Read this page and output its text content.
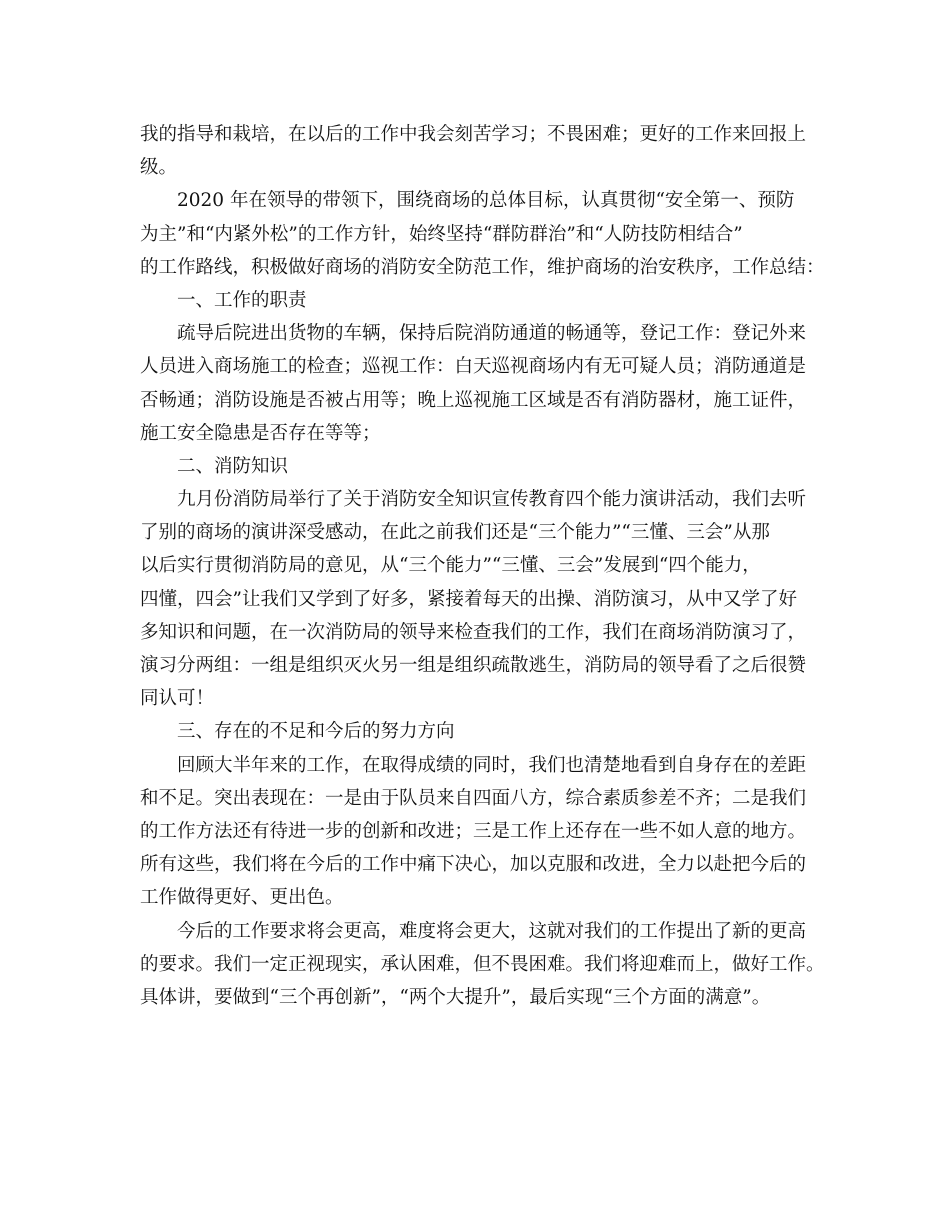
我的指导和栽培，在以后的工作中我会刻苦学习；不畏困难；更好的工作来回报上
级。
2020 年在领导的带领下，围绕商场的总体目标，认真贯彻“安全第一、预防
为主”和“内紧外松”的工作方针，始终坚持“群防群治”和“人防技防相结合”
的工作路线，积极做好商场的消防安全防范工作，维护商场的治安秩序，工作总结：
一、工作的职责
疏导后院进出货物的车辆，保持后院消防通道的畅通等，登记工作：登记外来
人员进入商场施工的检查；巡视工作：白天巡视商场内有无可疑人员；消防通道是
否畅通；消防设施是否被占用等；晚上巡视施工区域是否有消防器材，施工证件，
施工安全隐患是否存在等等；
二、消防知识
九月份消防局举行了关于消防安全知识宣传教育四个能力演讲活动，我们去听
了别的商场的演讲深受感动，在此之前我们还是“三个能力”“三懂、三会”从那
以后实行贯彻消防局的意见，从“三个能力”“三懂、三会”发展到“四个能力，
四懂，四会”让我们又学到了好多，紧接着每天的出操、消防演习，从中又学了好
多知识和问题，在一次消防局的领导来检查我们的工作，我们在商场消防演习了，
演习分两组：一组是组织灭火另一组是组织疏散逃生，消防局的领导看了之后很赞
同认可！
三、存在的不足和今后的努力方向
回顾大半年来的工作，在取得成绩的同时，我们也清楚地看到自身存在的差距
和不足。突出表现在：一是由于队员来自四面八方，综合素质参差不齐；二是我们
的工作方法还有待进一步的创新和改进；三是工作上还存在一些不如人意的地方。
所有这些，我们将在今后的工作中痛下决心，加以克服和改进，全力以赴把今后的
工作做得更好、更出色。
今后的工作要求将会更高，难度将会更大，这就对我们的工作提出了新的更高
的要求。我们一定正视现实，承认困难，但不畏困难。我们将迎难而上，做好工作。
具体讲，要做到“三个再创新”，“两个大提升”，最后实现“三个方面的满意”。
